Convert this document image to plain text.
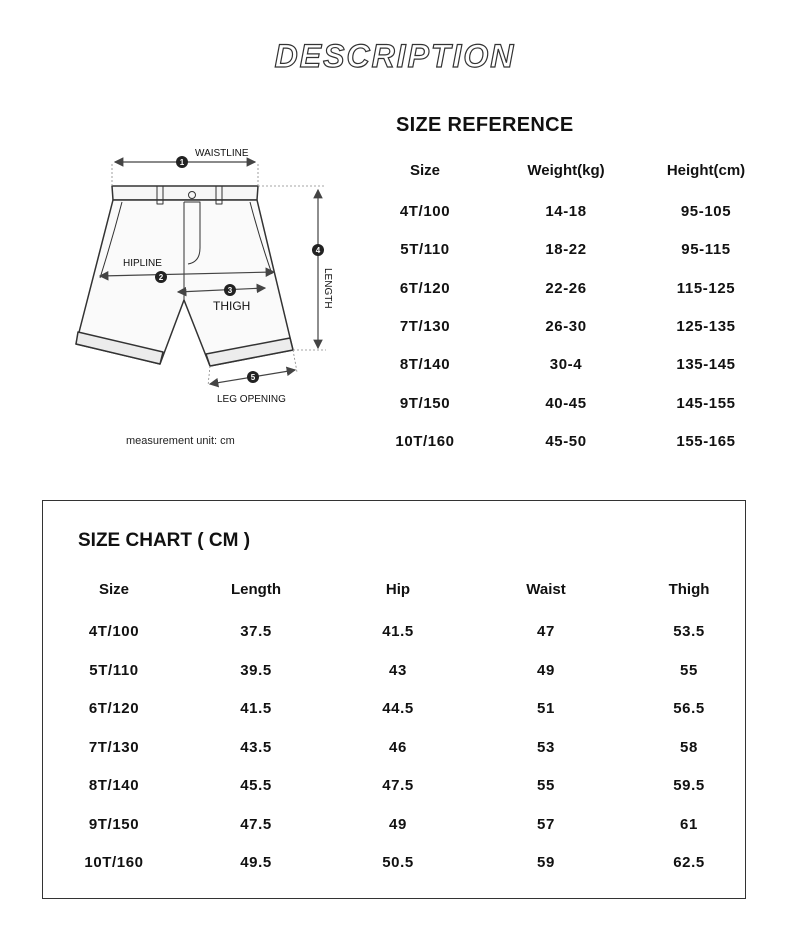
DESCRIPTION
1
2
3
4
5
WAISTLINE
HIPLINE
THIGH	LENGTH
LEG OPENING
measurement unit: cm
SIZE REFERENCE
Size	Weight(kg)	Height(cm)
4T/100	14-18	95-105
5T/110	18-22	95-115
6T/120	22-26	115-125
7T/130	26-30	125-135
8T/140	30-4	135-145
9T/150	40-45	145-155
10T/160	45-50	155-165
SIZE CHART ( CM )
Size	Length	Hip	Waist	Thigh
4T/100	37.5	41.5	47	53.5
5T/110	39.5	43	49	55
6T/120	41.5	44.5	51	56.5
7T/130	43.5	46	53	58
8T/140	45.5	47.5	55	59.5
9T/150	47.5	49	57	61
10T/160	49.5	50.5	59	62.5
